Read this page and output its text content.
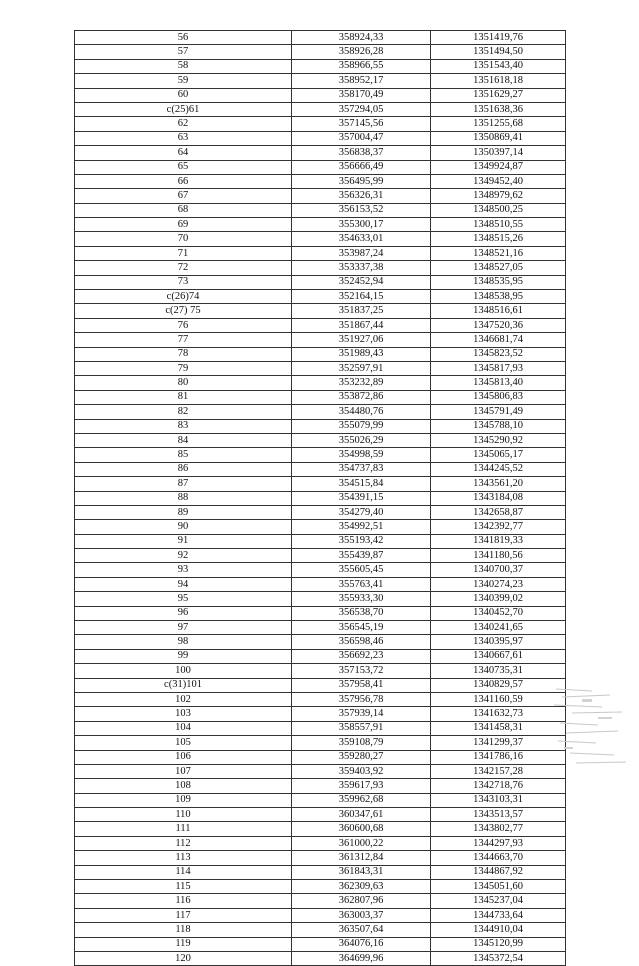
56	358924,33	1351419,76
57	358926,28	1351494,50
58	358966,55	1351543,40
59	358952,17	1351618,18
60	358170,49	1351629,27
с(25)61	357294,05	1351638,36
62	357145,56	1351255,68
63	357004,47	1350869,41
64	356838,37	1350397,14
65	356666,49	1349924,87
66	356495,99	1349452,40
67	356326,31	1348979,62
68	356153,52	1348500,25
69	355300,17	1348510,55
70	354633,01	1348515,26
71	353987,24	1348521,16
72	353337,38	1348527,05
73	352452,94	1348535,95
с(26)74	352164,15	1348538,95
с(27) 75	351837,25	1348516,61
76	351867,44	1347520,36
77	351927,06	1346681,74
78	351989,43	1345823,52
79	352597,91	1345817,93
80	353232,89	1345813,40
81	353872,86	1345806,83
82	354480,76	1345791,49
83	355079,99	1345788,10
84	355026,29	1345290,92
85	354998,59	1345065,17
86	354737,83	1344245,52
87	354515,84	1343561,20
88	354391,15	1343184,08
89	354279,40	1342658,87
90	354992,51	1342392,77
91	355193,42	1341819,33
92	355439,87	1341180,56
93	355605,45	1340700,37
94	355763,41	1340274,23
95	355933,30	1340399,02
96	356538,70	1340452,70
97	356545,19	1340241,65
98	356598,46	1340395,97
99	356692,23	1340667,61
100	357153,72	1340735,31
с(31)101	357958,41	1340829,57
102	357956,78	1341160,59
103	357939,14	1341632,73
104	358557,91	1341458,31
105	359108,79	1341299,37
106	359280,27	1341786,16
107	359403,92	1342157,28
108	359617,93	1342718,76
109	359962,68	1343103,31
110	360347,61	1343513,57
111	360600,68	1343802,77
112	361000,22	1344297,93
113	361312,84	1344663,70
114	361843,31	1344867,92
115	362309,63	1345051,60
116	362807,96	1345237,04
117	363003,37	1344733,64
118	363507,64	1344910,04
119	364076,16	1345120,99
120	364699,96	1345372,54
